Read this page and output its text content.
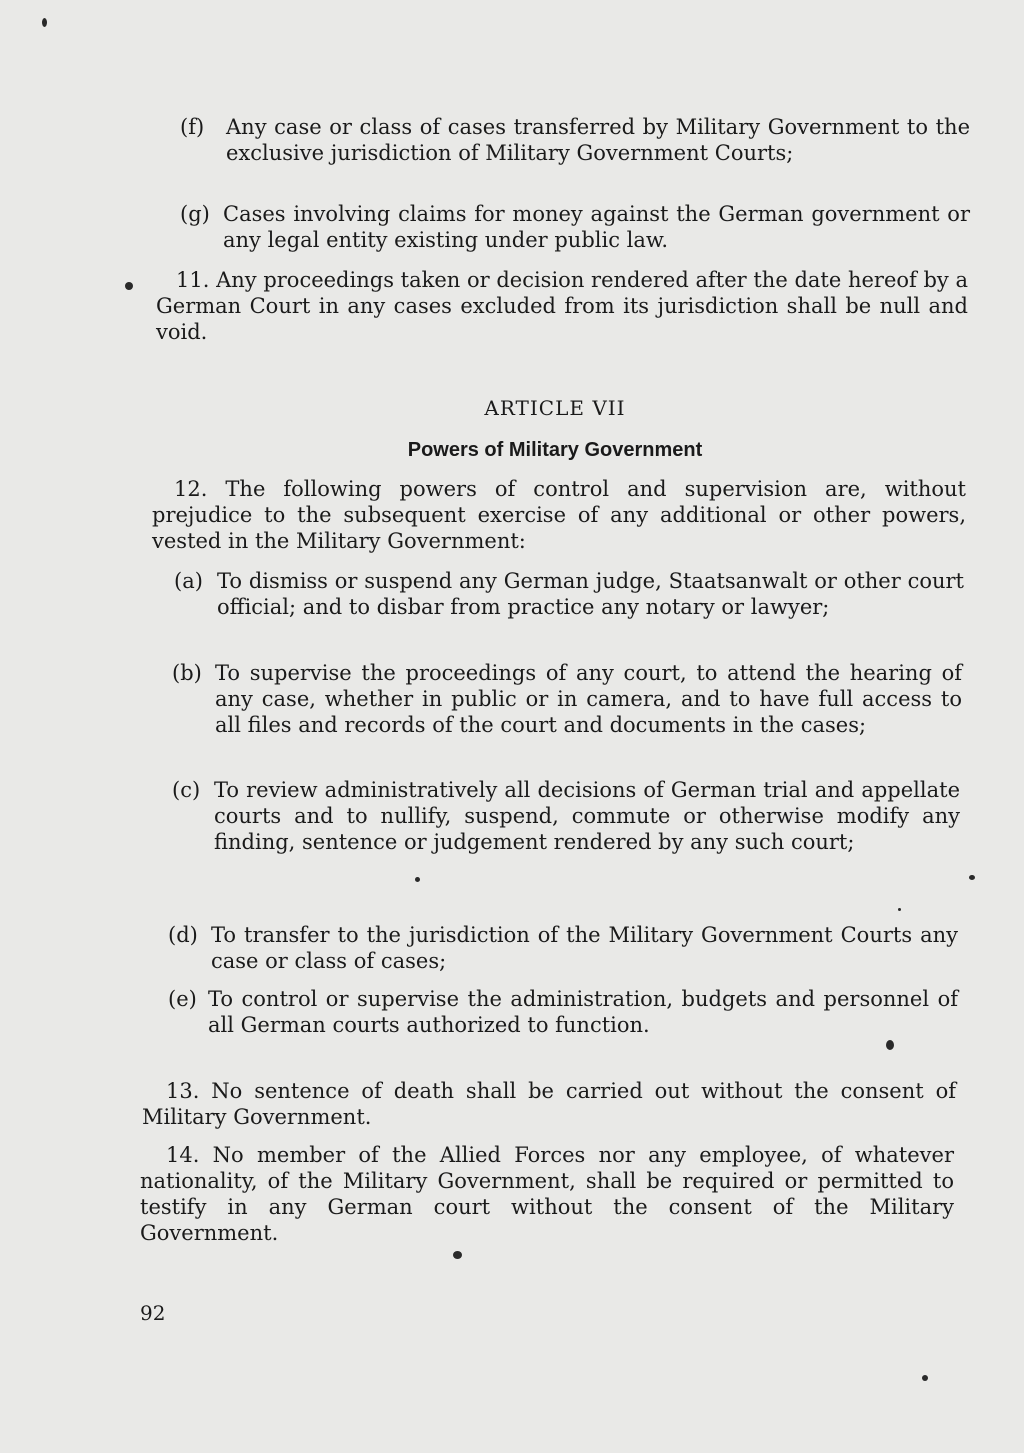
(f)	Any case or class of cases transferred by Military Government to the exclusive jurisdiction of Military Government Courts;
(g) Cases involving claims for money against the German government or any legal entity existing under public law.
11. Any proceedings taken or decision rendered after the date hereof by a German Court in any cases excluded from its jurisdiction shall be null and void.
ARTICLE VII
Powers of Military Government
12. The following powers of control and supervision are, without prejudice to the subsequent exercise of any additional or other powers, vested in the Military Government:
(a) To dismiss or suspend any German judge, Staatsanwalt or other court official; and to disbar from practice any notary or lawyer;
(b) To supervise the proceedings of any court, to attend the hearing of any case, whether in public or in camera, and to have full access to all files and records of the court and documents in the cases;
(c) To review administratively all decisions of German trial and appellate courts and to nullify, suspend, commute or otherwise modify any finding, sentence or judgement rendered by any such court;
(d) To transfer to the jurisdiction of the Military Government Courts any case or class of cases;
(e) To control or supervise the administration, budgets and personnel of all German courts authorized to function.
13. No sentence of death shall be carried out without the consent of Military Government.
14. No member of the Allied Forces nor any employee, of whatever nationality, of the Military Government, shall be required or permitted to testify in any German court without the consent of the Military Government.
92
